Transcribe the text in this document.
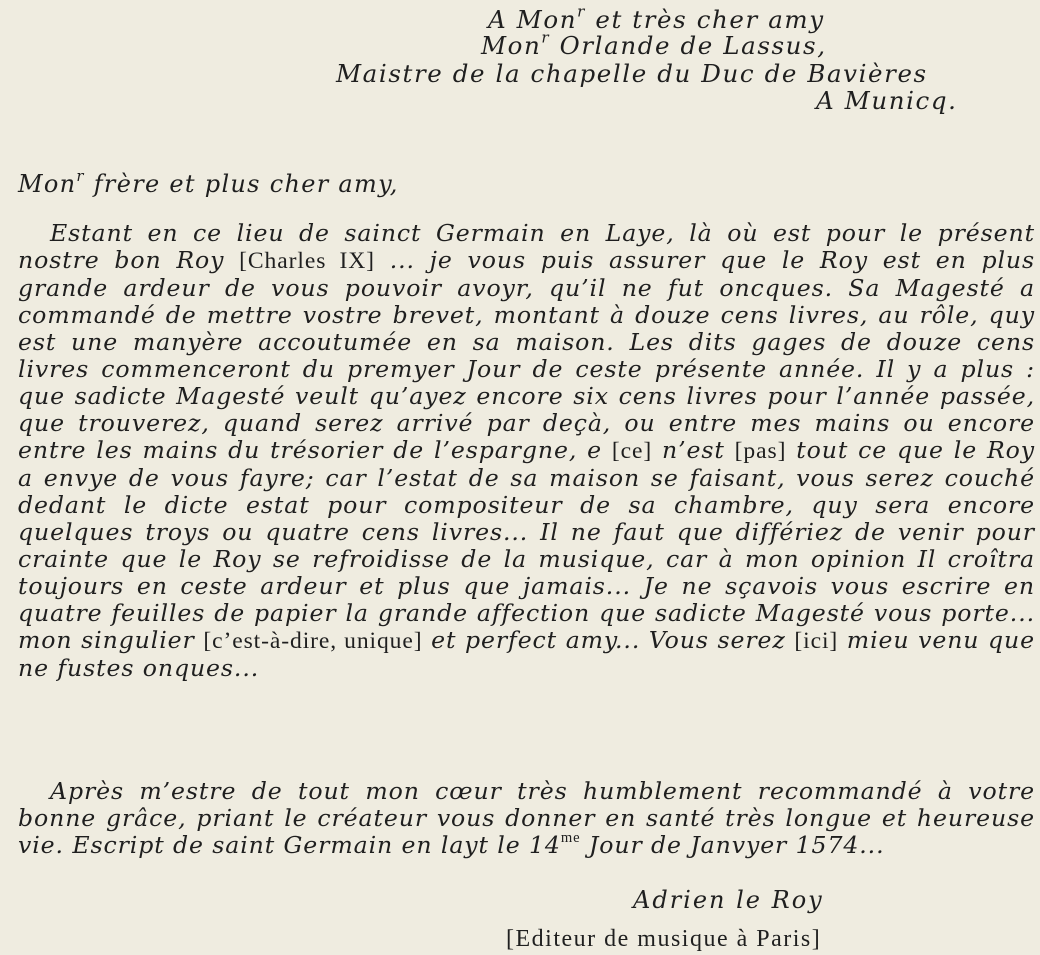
A Mon$^r$ et très cher amy
Mon$^r$ Orlande de Lassus,
Maistre de la chapelle du Duc de Bavières
A Municq.
Mon$^r$ frère et plus cher amy,

Estant en ce lieu de sainct Germain en Laye, là où est pour le présent nostre bon Roy [Charles IX] ... je vous puis assurer que le Roy est en plus grande ardeur de vous pouvoir avoyr, qu’il ne fut oncques. Sa Magesté a commandé de mettre vostre brevet, montant à douze cens livres, au rôle, quy est une manyère accoutumée en sa maison. Les dits gages de douze cens livres commenceront du premyer Jour de ceste présente année. Il y a plus : que sadicte Magesté veult qu’ayez encore six cens livres pour l’année passée, que trouverez, quand serez arrivé par deçà, ou entre mes mains ou encore entre les mains du trésorier de l’espargne, e [ce] n’est [pas] tout ce que le Roy a envye de vous fayre; car l’estat de sa maison se faisant, vous serez couché dedant le dicte estat pour compositeur de sa chambre, quy sera encore quelques troys ou quatre cens livres... Il ne faut que différiez de venir pour crainte que le Roy se refroidisse de la musique, car à mon opinion Il croîtra toujours en ceste ardeur et plus que jamais... Je ne sçavois vous escrire en quatre feuilles de papier la grande affection que sadicte Magesté vous porte... mon singulier [c’est-à-dire, unique] et perfect amy... Vous serez [ici] mieu venu que ne fustes onques...

Après m’estre de tout mon cœur très humblement recommandé à votre bonne grâce, priant le créateur vous donner en santé très longue et heureuse vie. Escript de saint Germain en layt le $14^{me}$ Jour de Janvyer 1574...

Adrien le Roy
[Editeur de musique à Paris]
